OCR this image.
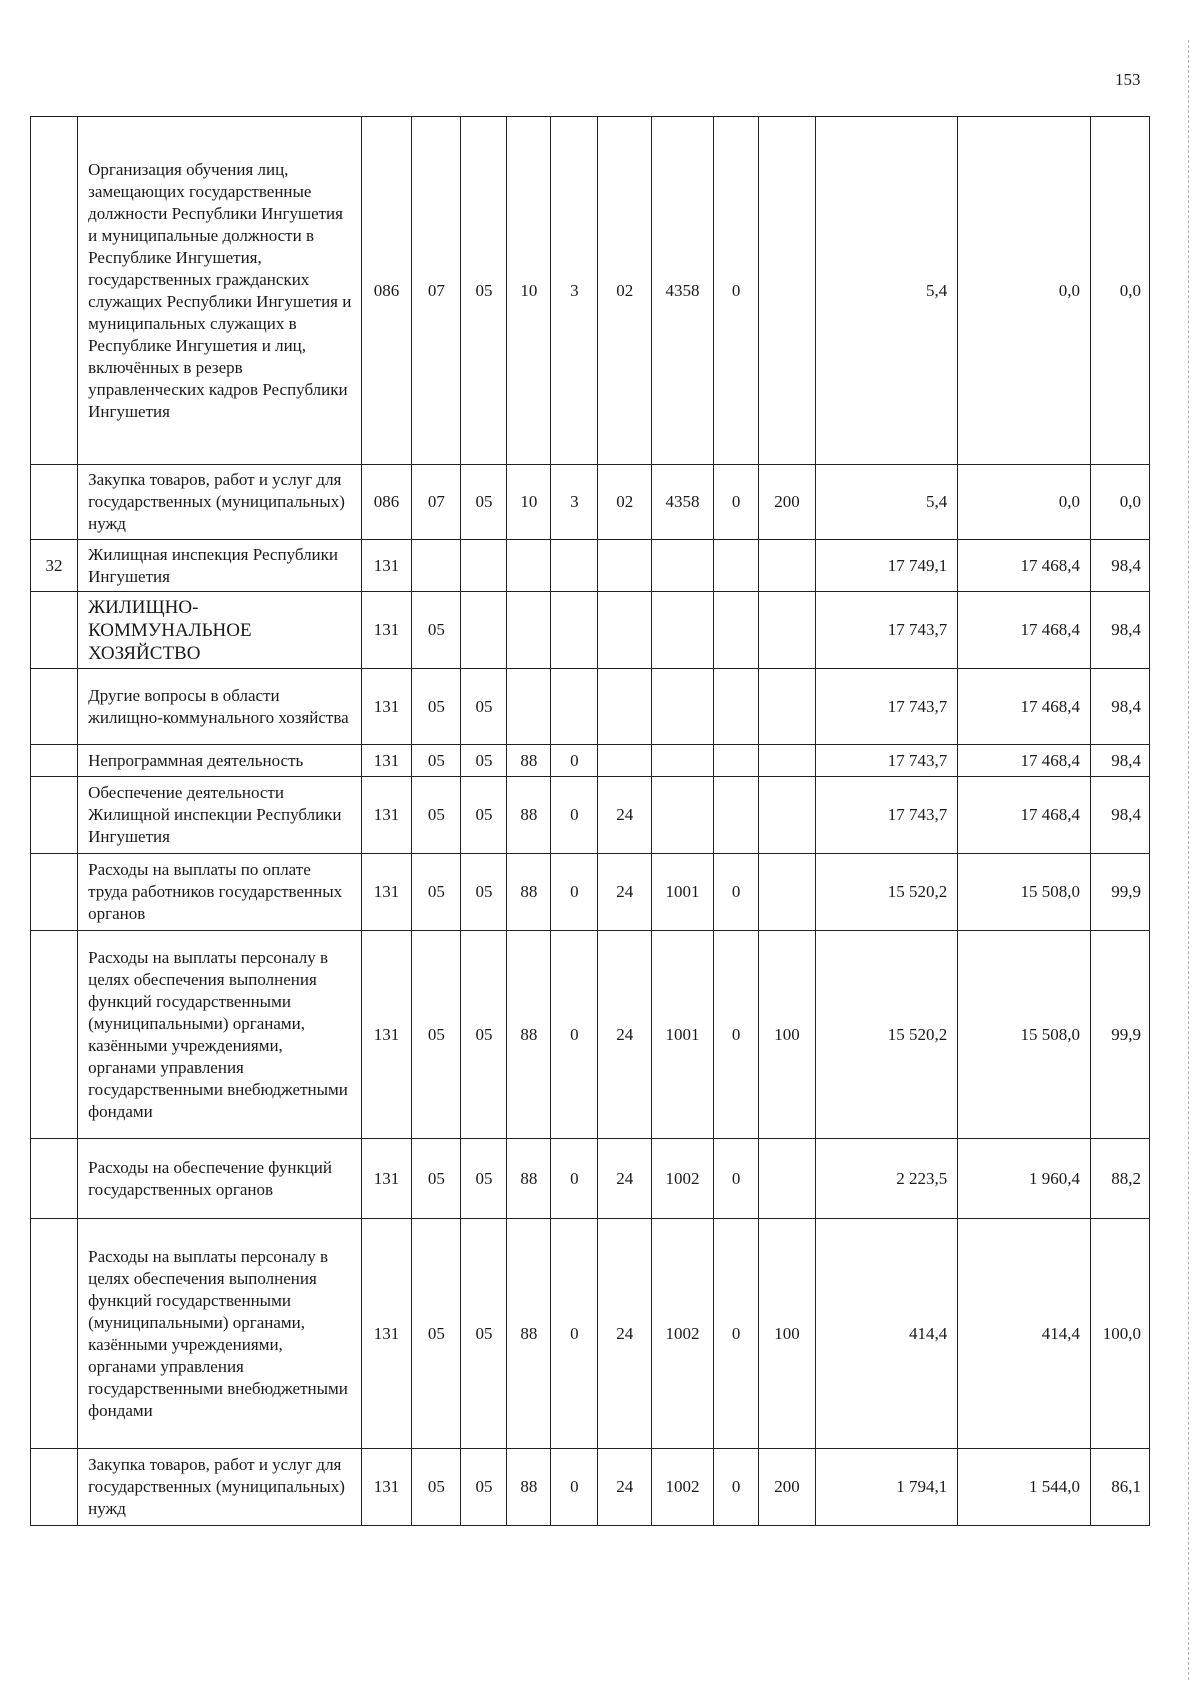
153
	Организация обучения лиц, замещающих государственные должности Республики Ингушетия и муниципальные должности в Республике Ингушетия, государственных гражданских служащих Республики Ингушетия и муниципальных служащих в Республике Ингушетия и лиц, включённых в резерв управленческих кадров Республики Ингушетия	086	07	05	10	3	02	4358	0		5,4	0,0	0,0
	Закупка товаров, работ и услуг для государственных (муниципальных) нужд	086	07	05	10	3	02	4358	0	200	5,4	0,0	0,0
32	Жилищная инспекция Республики Ингушетия	131									17 749,1	17 468,4	98,4
	ЖИЛИЩНО-КОММУНАЛЬНОЕ ХОЗЯЙСТВО	131	05								17 743,7	17 468,4	98,4
	Другие вопросы в области жилищно-коммунального хозяйства	131	05	05							17 743,7	17 468,4	98,4
	Непрограммная деятельность	131	05	05	88	0					17 743,7	17 468,4	98,4
	Обеспечение деятельности Жилищной инспекции Республики Ингушетия	131	05	05	88	0	24				17 743,7	17 468,4	98,4
	Расходы на выплаты по оплате труда работников государственных органов	131	05	05	88	0	24	1001	0		15 520,2	15 508,0	99,9
	Расходы на выплаты персоналу в целях обеспечения выполнения функций государственными (муниципальными) органами, казёнными учреждениями, органами управления государственными внебюджетными фондами	131	05	05	88	0	24	1001	0	100	15 520,2	15 508,0	99,9
	Расходы на обеспечение функций государственных органов	131	05	05	88	0	24	1002	0		2 223,5	1 960,4	88,2
	Расходы на выплаты персоналу в целях обеспечения выполнения функций государственными (муниципальными) органами, казёнными учреждениями, органами управления государственными внебюджетными фондами	131	05	05	88	0	24	1002	0	100	414,4	414,4	100,0
	Закупка товаров, работ и услуг для государственных (муниципальных) нужд	131	05	05	88	0	24	1002	0	200	1 794,1	1 544,0	86,1
